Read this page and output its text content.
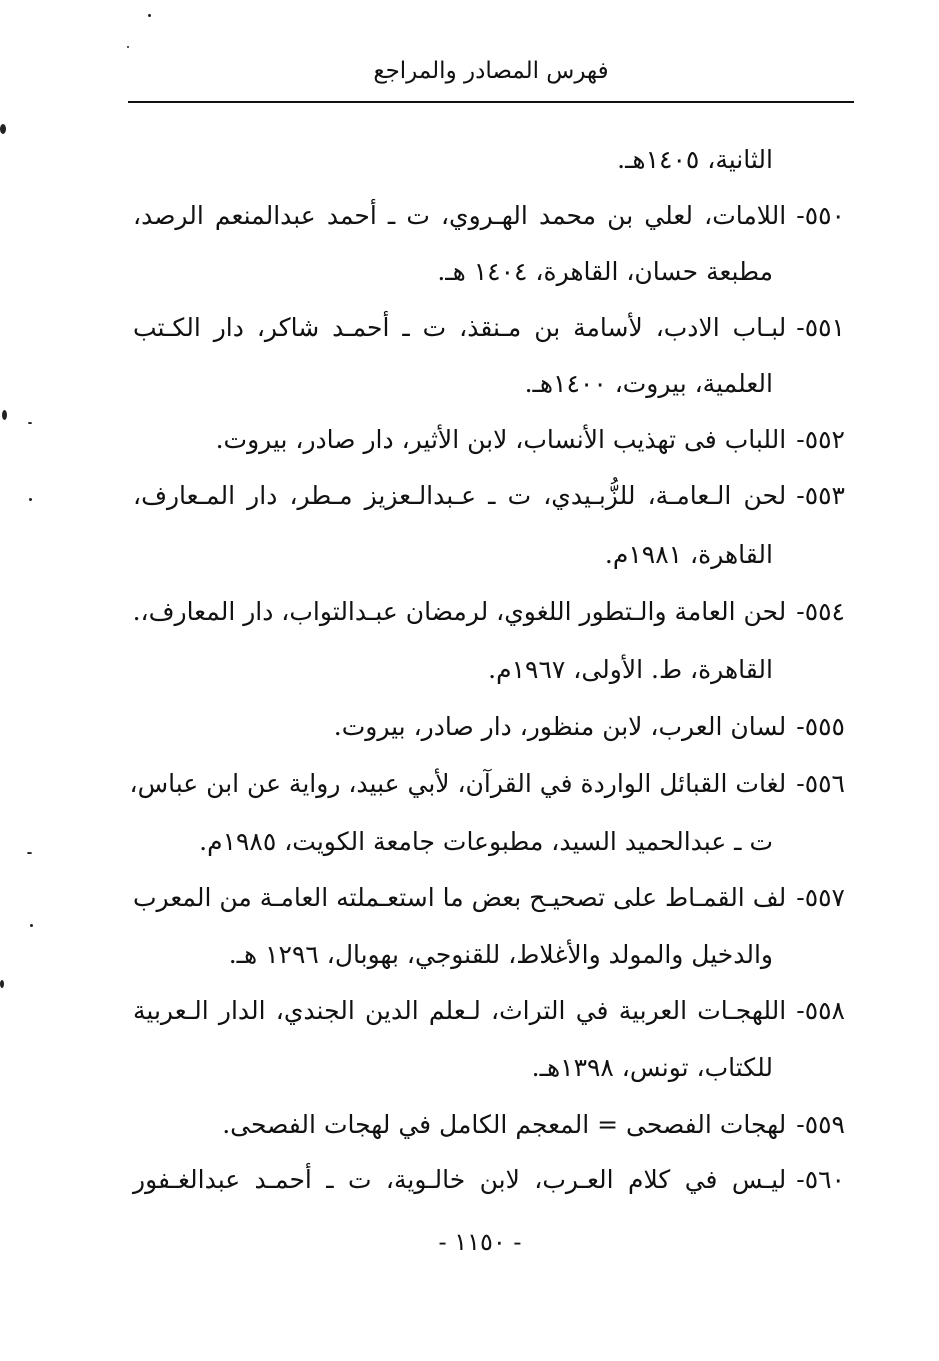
فهرس المصادر والمراجع
الثانية، ١٤٠٥هـ.
٥٥٠-اللامات، لعلي بن محمد الهـروي، ت ـ أحمد عبدالمنعم الرصد،
مطبعة حسان، القاهرة، ١٤٠٤ هـ.
٥٥١-لبـاب الادب، لأسامة بن مـنقذ، ت ـ أحمـد شاكر، دار الكـتب
العلمية، بيروت، ١٤٠٠هـ.
٥٥٢-اللباب فى تهذيب الأنساب، لابن الأثير، دار صادر، بيروت.
٥٥٣-لحن الـعامـة، للزُّبـيدي، ت ـ عـبدالـعزيز مـطر، دار المـعارف،
القاهرة، ١٩٨١م.
٥٥٤-لحن العامة والـتطور اللغوي، لرمضان عبـدالتواب، دار المعارف،.
القاهرة، ط. الأولى، ١٩٦٧م.
٥٥٥-لسان العرب، لابن منظور، دار صادر، بيروت.
٥٥٦-لغات القبائل الواردة في القرآن، لأبي عبيد، رواية عن ابن عباس،
ت ـ عبدالحميد السيد، مطبوعات جامعة الكويت، ١٩٨٥م.
٥٥٧-لف القمـاط على تصحيـح بعض ما استعـملته العامـة من المعرب
والدخيل والمولد والأغلاط، للقنوجي، بهوبال، ١٢٩٦ هـ.
٥٥٨-اللهجـات العربية في التراث، لـعلم الدين الجندي، الدار الـعربية
للكتاب، تونس، ١٣٩٨هـ.
٥٥٩-لهجات الفصحى = المعجم الكامل في لهجات الفصحى.
٥٦٠-ليـس في كلام العـرب، لابن خالـوية، ت ـ أحمـد عبدالغـفور
- ١١٥٠ -
